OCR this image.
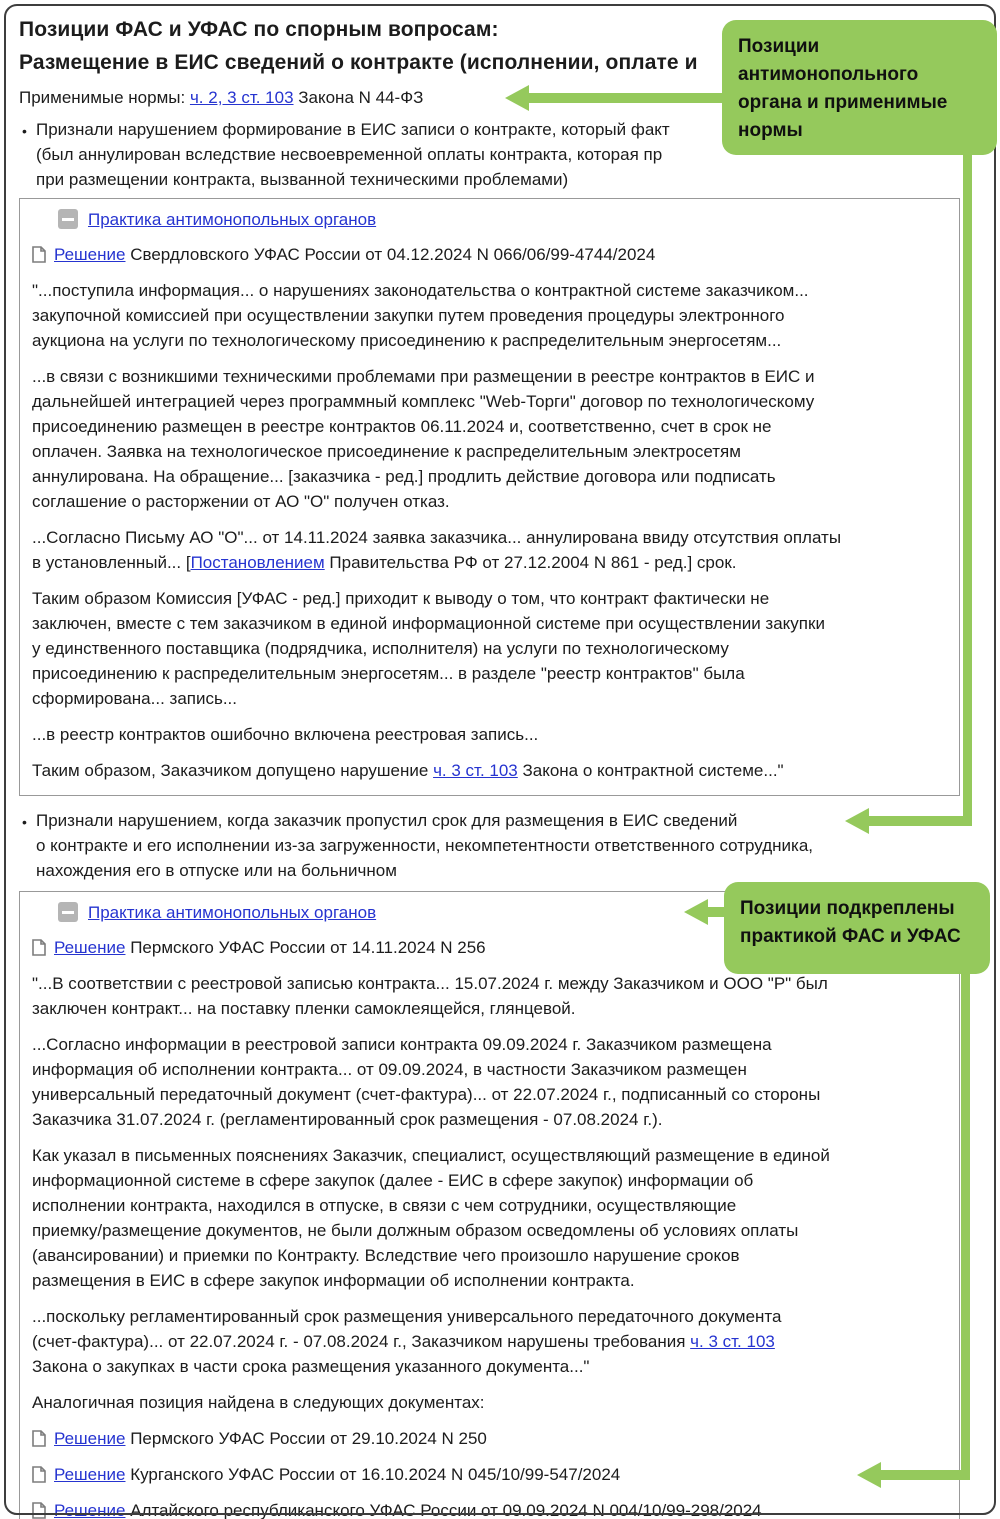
Позиции ФАС и УФАС по спорным вопросам:
Размещение в ЕИС сведений о контракте (исполнении, оплате и
Применимые нормы: ч. 2, 3 ст. 103 Закона N 44-ФЗ
• Признали нарушением формирование в ЕИС записи о контракте, который факт
(был аннулирован вследствие несвоевременной оплаты контракта, которая пр
при размещении контракта, вызванной техническими проблемами)
Практика антимонопольных органов
Решение Свердловского УФАС России от 04.12.2024 N 066/06/99-4744/2024
"...поступила информация... о нарушениях законодательства о контрактной системе заказчиком...
закупочной комиссией при осуществлении закупки путем проведения процедуры электронного
аукциона на услуги по технологическому присоединению к распределительным энергосетям...
...в связи с возникшими техническими проблемами при размещении в реестре контрактов в ЕИС и
дальнейшей интеграцией через программный комплекс "Web-Торги" договор по технологическому
присоединению размещен в реестре контрактов 06.11.2024 и, соответственно, счет в срок не
оплачен. Заявка на технологическое присоединение к распределительным электросетям
аннулирована. На обращение... [заказчика - ред.] продлить действие договора или подписать
соглашение о расторжении от АО "О" получен отказ.
...Согласно Письму АО "О"... от 14.11.2024 заявка заказчика... аннулирована ввиду отсутствия оплаты
в установленный... [Постановлением Правительства РФ от 27.12.2004 N 861 - ред.] срок.
Таким образом Комиссия [УФАС - ред.] приходит к выводу о том, что контракт фактически не
заключен, вместе с тем заказчиком в единой информационной системе при осуществлении закупки
у единственного поставщика (подрядчика, исполнителя) на услуги по технологическому
присоединению к распределительным энергосетям... в разделе "реестр контрактов" была
сформирована... запись...
...в реестр контрактов ошибочно включена реестровая запись...
Таким образом, Заказчиком допущено нарушение ч. 3 ст. 103 Закона о контрактной системе..."
• Признали нарушением, когда заказчик пропустил срок для размещения в ЕИС сведений
о контракте и его исполнении из-за загруженности, некомпетентности ответственного сотрудника,
нахождения его в отпуске или на больничном
Практика антимонопольных органов
Решение Пермского УФАС России от 14.11.2024 N 256
"...В соответствии с реестровой записью контракта... 15.07.2024 г. между Заказчиком и ООО "Р" был
заключен контракт... на поставку пленки самоклеящейся, глянцевой.
...Согласно информации в реестровой записи контракта 09.09.2024 г. Заказчиком размещена
информация об исполнении контракта... от 09.09.2024, в частности Заказчиком размещен
универсальный передаточный документ (счет-фактура)... от 22.07.2024 г., подписанный со стороны
Заказчика 31.07.2024 г. (регламентированный срок размещения - 07.08.2024 г.).
Как указал в письменных пояснениях Заказчик, специалист, осуществляющий размещение в единой
информационной системе в сфере закупок (далее - ЕИС в сфере закупок) информации об
исполнении контракта, находился в отпуске, в связи с чем сотрудники, осуществляющие
приемку/размещение документов, не были должным образом осведомлены об условиях оплаты
(авансировании) и приемки по Контракту. Вследствие чего произошло нарушение сроков
размещения в ЕИС в сфере закупок информации об исполнении контракта.
...поскольку регламентированный срок размещения универсального передаточного документа
(счет-фактура)... от 22.07.2024 г. - 07.08.2024 г., Заказчиком нарушены требования ч. 3 ст. 103
Закона о закупках в части срока размещения указанного документа..."
Аналогичная позиция найдена в следующих документах:
Решение Пермского УФАС России от 29.10.2024 N 250
Решение Курганского УФАС России от 16.10.2024 N 045/10/99-547/2024
Решение Алтайского республиканского УФАС России от 09.09.2024 N 004/10/99-298/2024
Позиции антимонопольного органа и применимые нормы
Позиции подкреплены практикой ФАС и УФАС
